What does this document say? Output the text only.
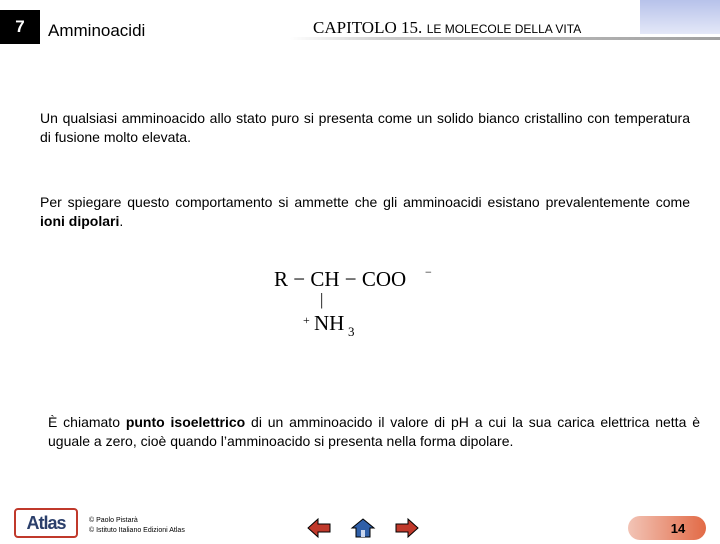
7	Amminoacidi	CAPITOLO 15. LE MOLECOLE DELLA VITA

Un qualsiasi amminoacido allo stato puro si presenta come un solido bianco cristallino con temperatura di fusione molto elevata.

Per spiegare questo comportamento si ammette che gli amminoacidi esistano prevalentemente come ioni dipolari.

R − CH − COO −
|
+ NH 3

È chiamato punto isoelettrico di un amminoacido il valore di pH a cui la sua carica elettrica netta è uguale a zero, cioè quando l’amminoacido si presenta nella forma dipolare.

Atlas	© Paolo Pistarà
© Istituto Italiano Edizioni Atlas	14
